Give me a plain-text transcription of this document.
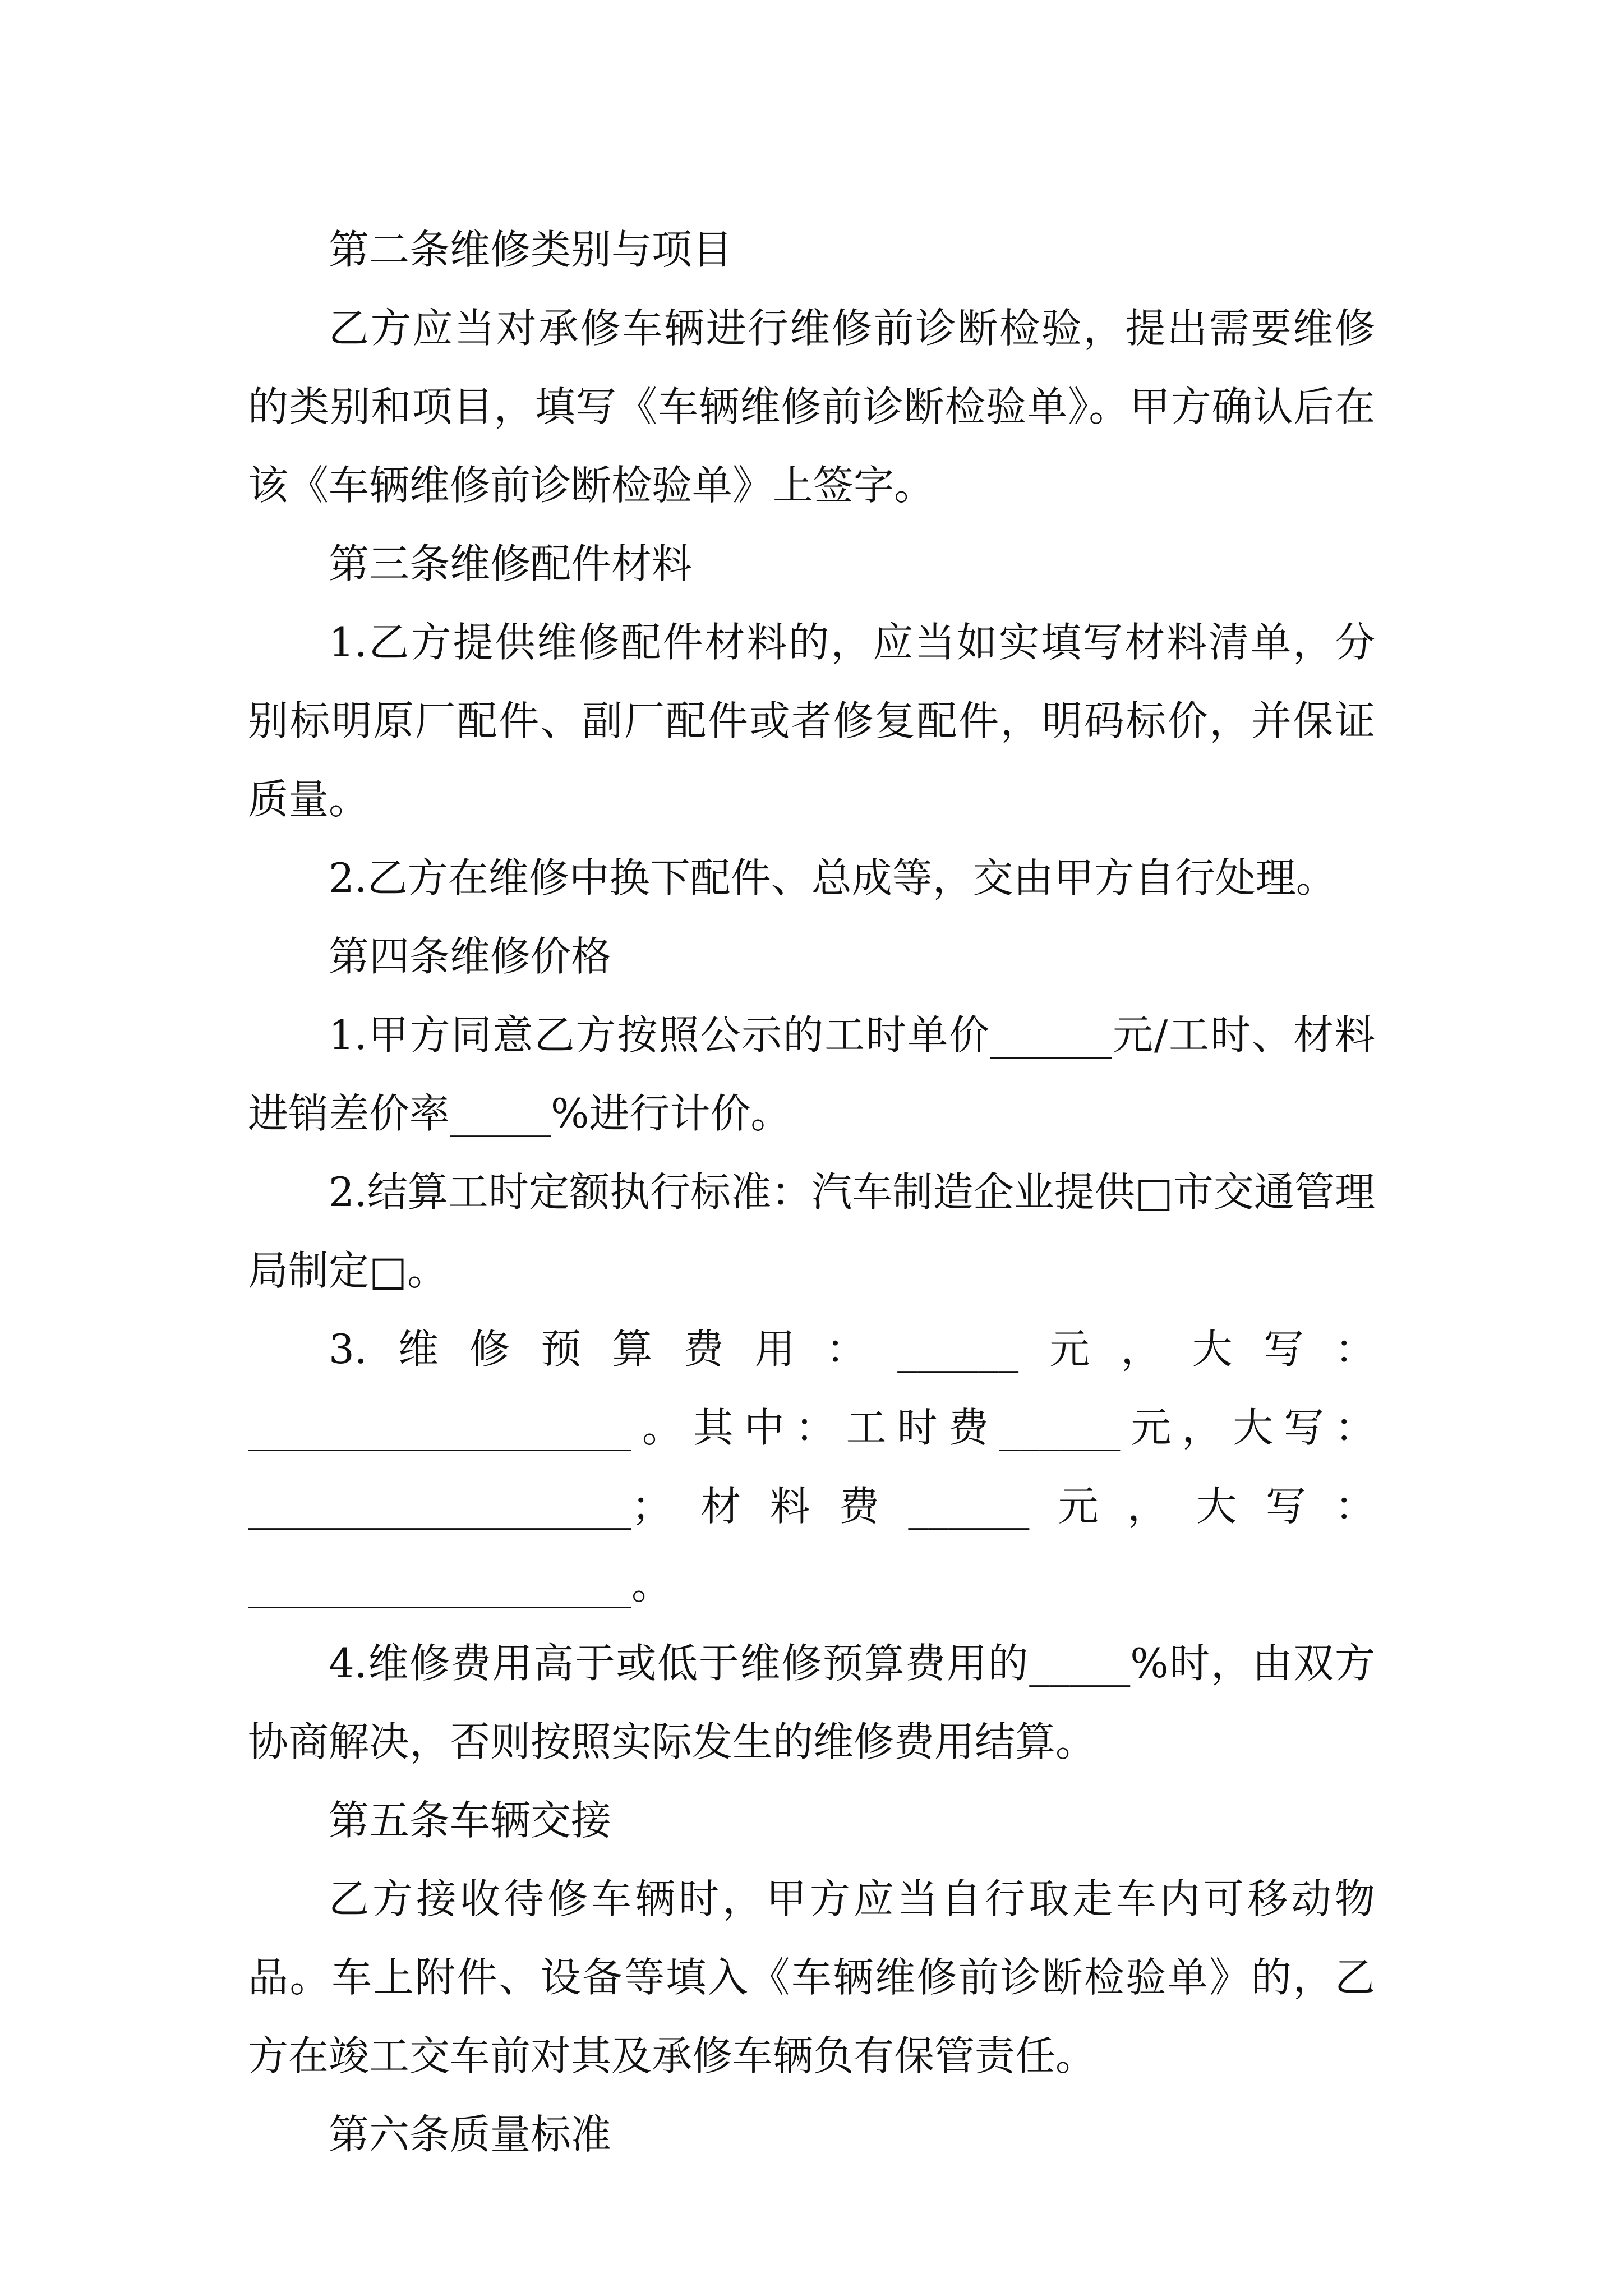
第二条维修类别与项目

乙方应当对承修车辆进行维修前诊断检验，提出需要维修的类别和项目，填写《车辆维修前诊断检验单》。甲方确认后在该《车辆维修前诊断检验单》上签字。

第三条维修配件材料

1.乙方提供维修配件材料的，应当如实填写材料清单，分别标明原厂配件、副厂配件或者修复配件，明码标价，并保证质量。

2.乙方在维修中换下配件、总成等，交由甲方自行处理。

第四条维修价格

1.甲方同意乙方按照公示的工时单价______元/工时、材料进销差价率_____%进行计价。

2.结算工时定额执行标准：汽车制造企业提供□市交通管理局制定□。

3.维修预算费用：______元，大写：___________________。其中：工时费______元，大写：___________________；材料费______元，大写：___________________。

4.维修费用高于或低于维修预算费用的_____%时，由双方协商解决，否则按照实际发生的维修费用结算。

第五条车辆交接

乙方接收待修车辆时，甲方应当自行取走车内可移动物品。车上附件、设备等填入《车辆维修前诊断检验单》的，乙方在竣工交车前对其及承修车辆负有保管责任。

第六条质量标准
